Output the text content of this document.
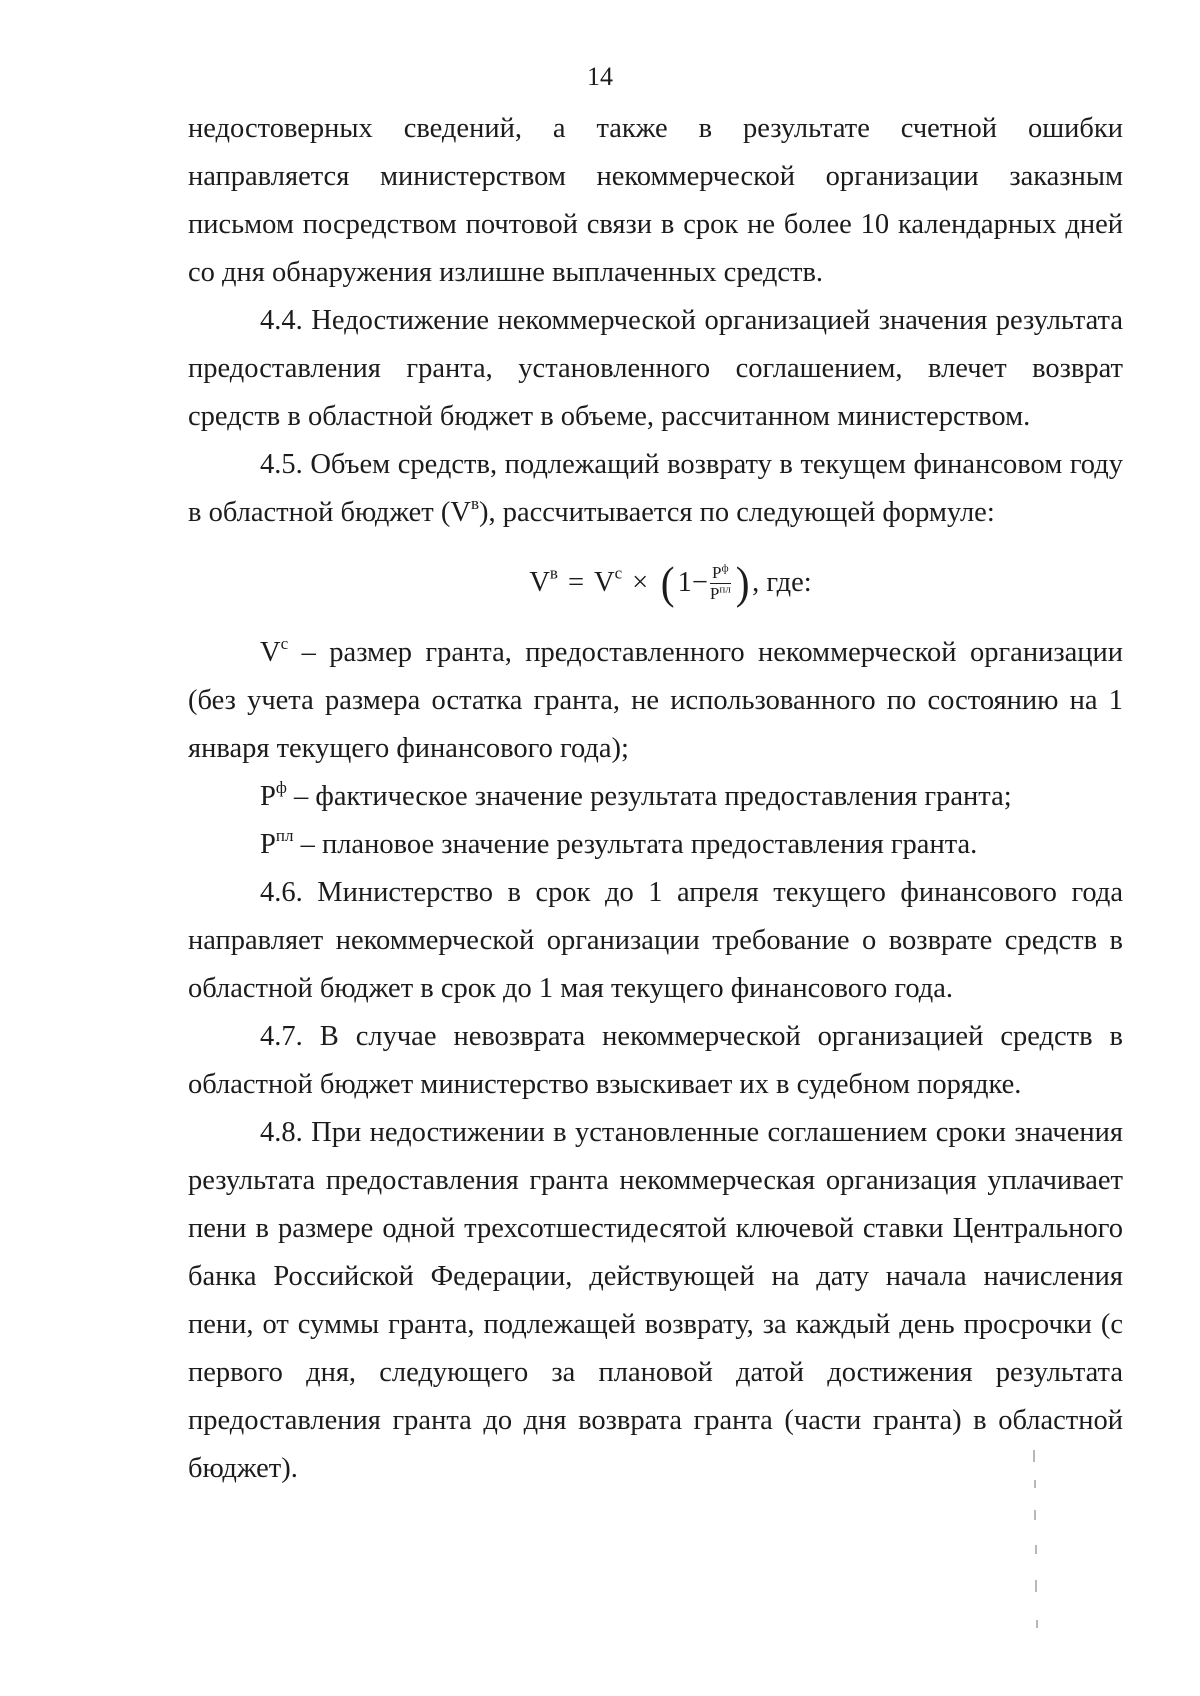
14

недостоверных сведений, а также в результате счетной ошибки направляется министерством некоммерческой организации заказным письмом посредством почтовой связи в срок не более 10 календарных дней со дня обнаружения излишне выплаченных средств.

4.4. Недостижение некоммерческой организацией значения результата предоставления гранта, установленного соглашением, влечет возврат средств в областной бюджет в объеме, рассчитанном министерством.

4.5. Объем средств, подлежащий возврату в текущем финансовом году в областной бюджет $(V^в)$, рассчитывается по следующей формуле:

$V^в = V^с$ × ( $1- \frac{P^ф}{P^{пл}}$ ) , где:

$V^с$ – размер гранта, предоставленного некоммерческой организации (без учета размера остатка гранта, не использованного по состоянию на 1 января текущего финансового года);

$P^ф$ – фактическое значение результата предоставления гранта;

$P^{пл}$ – плановое значение результата предоставления гранта.

4.6. Министерство в срок до 1 апреля текущего финансового года направляет некоммерческой организации требование о возврате средств в областной бюджет в срок до 1 мая текущего финансового года.

4.7. В случае невозврата некоммерческой организацией средств в областной бюджет министерство взыскивает их в судебном порядке.

4.8. При недостижении в установленные соглашением сроки значения результата предоставления гранта некоммерческая организация уплачивает пени в размере одной трехсотшестидесятой ключевой ставки Центрального банка Российской Федерации, действующей на дату начала начисления пени, от суммы гранта, подлежащей возврату, за каждый день просрочки (с первого дня, следующего за плановой датой достижения результата предоставления гранта до дня возврата гранта (части гранта) в областной бюджет).
